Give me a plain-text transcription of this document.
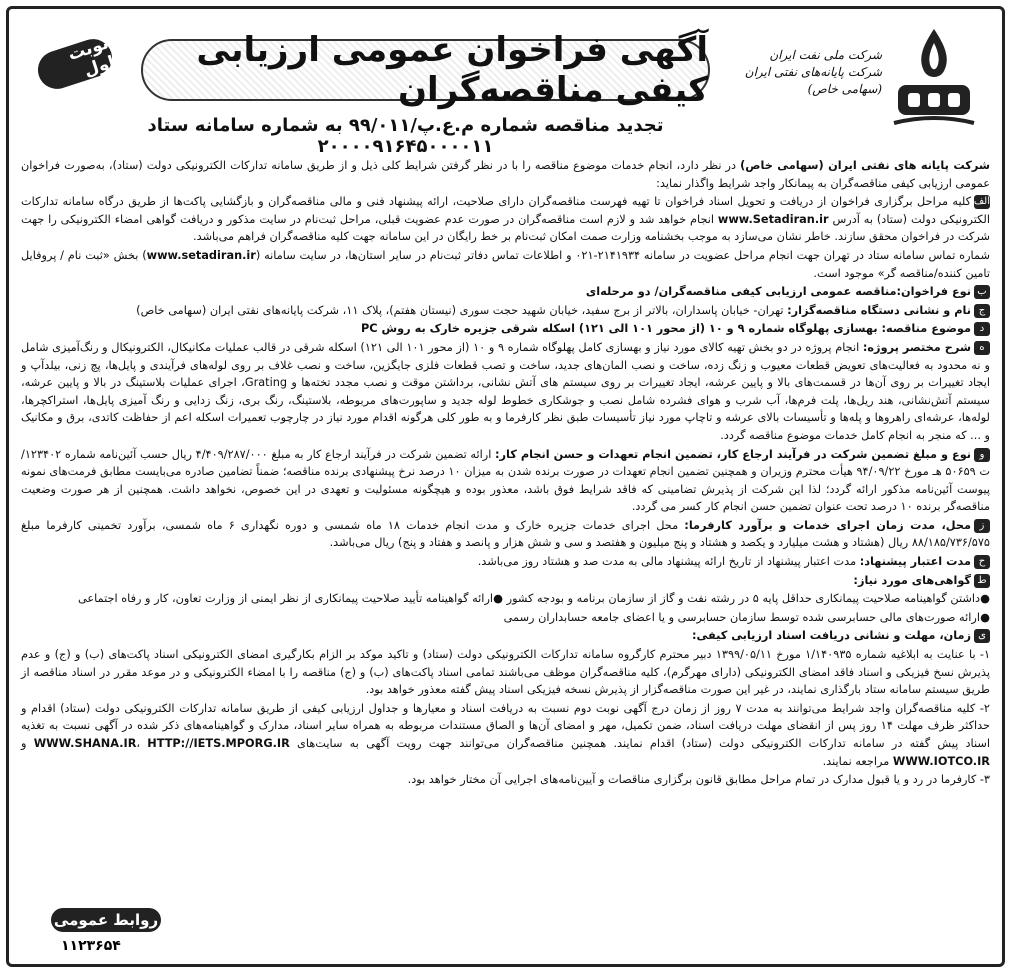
شرکت ملی نفت ایران
شرکت پایانه‌های نفتی ایران
(سهامی خاص)
آگهی فراخوان عمومی ارزیابی کیفی مناقصه‌گران
نوبت اول
تجدید مناقصه شماره م.ع.پ/۹۹/۰۱۱ به شماره سامانه ستاد ۲۰۰۰۰۹۱۶۴۵۰۰۰۰۱۱

شرکت پایانه های نفتی ایران (سهامی خاص) در نظر دارد، انجام خدمات موضوع مناقصه را با در نظر گرفتن شرایط کلی ذیل و از طریق سامانه تدارکات الکترونیکی دولت (ستاد)، به‌صورت فراخوان عمومی ارزیابی کیفی مناقصه‌گران به پیمانکار واجد شرایط واگذار نماید:

الفکلیه مراحل برگزاری فراخوان از دریافت و تحویل اسناد فراخوان تا تهیه فهرست مناقصه‌گران دارای صلاحیت، ارائه پیشنهاد فنی و مالی مناقصه‌گران و بازگشایی پاکت‌ها از طریق درگاه سامانه تدارکات الکترونیکی دولت (ستاد) به آدرس www.Setadiran.ir انجام خواهد شد و لازم است مناقصه‌گران در صورت عدم عضویت قبلی، مراحل ثبت‌نام در سایت مذکور و دریافت گواهی امضاء الکترونیکی را جهت شرکت در فراخوان محقق سازند. خاطر نشان می‌سازد به موجب بخشنامه وزارت صمت امکان ثبت‌نام بر خط رایگان در این سامانه جهت کلیه مناقصه‌گران فراهم می‌باشد.

شماره تماس سامانه ستاد در تهران جهت انجام مراحل عضویت در سامانه ۲۱۴۱۹۳۴-۰۲۱ و اطلاعات تماس دفاتر ثبت‌نام در سایر استان‌ها، در سایت سامانه (www.setadiran.ir) بخش «ثبت نام / پروفایل تامین کننده/مناقصه گر» موجود است.

بنوع فراخوان:مناقصه عمومی ارزیابی کیفی مناقصه‌گران/ دو مرحله‌ای

جنام و نشانی دستگاه مناقصه‌گزار: تهران- خیابان پاسداران، بالاتر از برج سفید، خیابان شهید حجت سوری (نیستان هفتم)، پلاک ۱۱، شرکت پایانه‌های نفتی ایران (سهامی خاص)

دموضوع مناقصه: بهسازی پهلوگاه شماره ۹ و ۱۰ (از محور ۱۰۱ الی ۱۲۱) اسکله شرقی جزیره خارک به روش PC

هشرح مختصر پروژه: انجام پروژه در دو بخش تهیه کالای مورد نیاز و بهسازی کامل پهلوگاه شماره ۹ و ۱۰ (از محور ۱۰۱ الی ۱۲۱) اسکله شرقی در قالب عملیات مکانیکال، الکترونیکال و رنگ‌آمیزی شامل و نه محدود به فعالیت‌های تعویض قطعات معیوب و زنگ زده، ساخت و نصب المان‌های جدید، ساخت و تصب قطعات فلزی جایگزین، ساخت و نصب غلاف بر روی لوله‌های فرآیندی و پایل‌ها، پچ زنی، بیلدآپ و ایجاد تغییرات بر روی آن‌ها در قسمت‌های بالا و پایین عرشه، ایجاد تغییرات بر روی سیستم های آتش نشانی، برداشتن موقت و نصب مجدد تخته‌ها و Grating، اجرای عملیات بلاستینگ در بالا و پایین عرشه، سیستم آتش‌نشانی، هند ریل‌ها، پلت فرم‌ها، آب شرب و هوای فشرده شامل نصب و جوشکاری خطوط لوله جدید و ساپورت‌های مربوطه، بلاستینگ، رنگ بری، زنگ زدایی و رنگ آمیزی پایل‌ها، استراکچرها، لوله‌ها، عرشه‌ای راهروها و پله‌ها و تأسیسات بالای عرشه و تاچاپ مورد نیاز تأسیسات طبق نظر کارفرما و به طور کلی هرگونه اقدام مورد نیاز در چارچوب تعمیرات اسکله اعم از حفاظت کاتدی، برق و مکانیک و ... که منجر به انجام کامل خدمات موضوع مناقصه گردد.

ونوع و مبلغ تضمین شرکت در فرآیند ارجاع کار، تضمین انجام تعهدات و حسن انجام کار: ارائه تضمین شرکت در فرآیند ارجاع کار به مبلغ ۴/۴۰۹/۲۸۷/۰۰۰ ریال حسب آئین‌نامه شماره ۱۲۳۴۰۲/ت ۵۰۶۵۹ هـ مورخ ۹۴/۰۹/۲۲ هیأت محترم وزیران و همچنین تضمین انجام تعهدات در صورت برنده شدن به میزان ۱۰ درصد نرخ پیشنهادی برنده مناقصه؛ ضمناً تضامین صادره می‌بایست مطابق فرمت‌های نمونه پیوست آئین‌نامه مذکور ارائه گردد؛ لذا این شرکت از پذیرش تضامینی که فاقد شرایط فوق باشد، معذور بوده و هیچگونه مسئولیت و تعهدی در این خصوص، نخواهد داشت. همچنین از هر صورت وضعیت مناقصه‌گر برنده ۱۰ درصد تحت عنوان تضمین حسن انجام کار کسر می گردد.

زمحل، مدت زمان اجرای خدمات و برآورد کارفرما: محل اجرای خدمات جزیره خارک و مدت انجام خدمات ۱۸ ماه شمسی و دوره نگهداری ۶ ماه شمسی، برآورد تخمینی کارفرما مبلغ ۸۸/۱۸۵/۷۳۶/۵۷۵ ریال (هشتاد و هشت میلیارد و یکصد و هشتاد و پنج میلیون و هفتصد و سی و شش هزار و پانصد و هفتاد و پنج) ریال می‌باشد.

حمدت اعتبار پیشنهاد: مدت اعتبار پیشنهاد از تاریخ ارائه پیشنهاد مالی به مدت صد و هشتاد روز می‌باشد.

طگواهی‌های مورد نیاز:

●داشتن گواهینامه صلاحیت پیمانکاری حداقل پایه ۵ در رشته نفت و گاز از سازمان برنامه و بودجه کشور ●ارائه گواهینامه تأیید صلاحیت پیمانکاری از نظر ایمنی از وزارت تعاون، کار و رفاه اجتماعی

●ارائه صورت‌های مالی حسابرسی شده توسط سازمان حسابرسی و یا اعضای جامعه حسابداران رسمی

یزمان، مهلت و نشانی دریافت اسناد ارزیابی کیفی:

۱- با عنایت به ابلاغیه شماره ۱/۱۴۰۹۳۵ مورخ ۱۳۹۹/۰۵/۱۱ دبیر محترم کارگروه سامانه تدارکات الکترونیکی دولت (ستاد) و تاکید موکد بر الزام بکارگیری امضای الکترونیکی اسناد پاکت‌های (ب) و (ج) و عدم پذیرش نسخ فیزیکی و اسناد فاقد امضای الکترونیکی (دارای مهرگرم)، کلیه مناقصه‌گران موظف می‌باشند تمامی اسناد پاکت‌های (ب) و (ج) مناقصه را با امضاء الکترونیکی و در موعد مقرر در اسناد مناقصه از طریق سیستم سامانه ستاد بارگذاری نمایند، در غیر این صورت مناقصه‌گزار از پذیرش نسخه فیزیکی اسناد پیش گفته معذور خواهد بود.

۲- کلیه مناقصه‌گران واجد شرایط می‌توانند به مدت ۷ روز از زمان درج آگهی نوبت دوم نسبت به دریافت اسناد و معیارها و جداول ارزیابی کیفی از طریق سامانه تدارکات الکترونیکی دولت (ستاد) اقدام و حداکثر ظرف مهلت ۱۴ روز پس از انقضای مهلت دریافت اسناد، ضمن تکمیل، مهر و امضای آن‌ها و الصاق مستندات مربوطه به همراه سایر اسناد، مدارک و گواهینامه‌های ذکر شده در آگهی نسبت به تغذیه اسناد پیش گفته در سامانه تدارکات الکترونیکی دولت (ستاد) اقدام نمایند. همچنین مناقصه‌گران می‌توانند جهت رویت آگهی به سایت‌های WWW.SHANA.IR، HTTP://IETS.MPORG.IR و WWW.IOTCO.IR مراجعه نمایند.

۳- کارفرما در رد و یا قبول مدارک در تمام مراحل مطابق قانون برگزاری مناقصات و آیین‌نامه‌های اجرایی آن مختار خواهد بود.

روابط عمومی
۱۱۲۳۶۵۴
